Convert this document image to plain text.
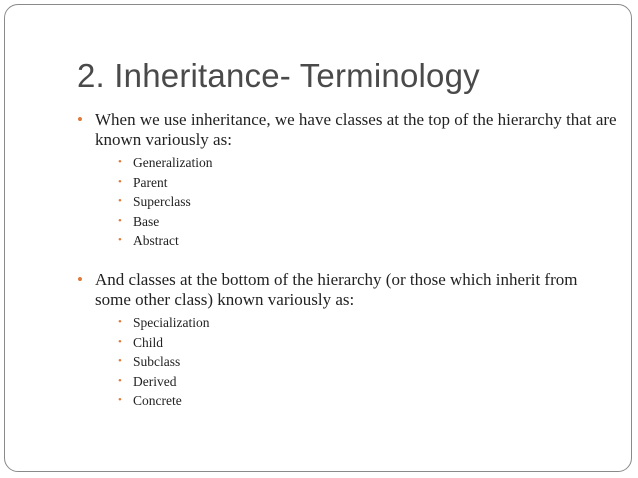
2. Inheritance- Terminology
• When we use inheritance, we have classes at the top of the hierarchy that are known variously as:
• Generalization
• Parent
• Superclass
• Base
• Abstract
• And classes at the bottom of the hierarchy (or those which inherit from some other class) known variously as:
• Specialization
• Child
• Subclass
• Derived
• Concrete
